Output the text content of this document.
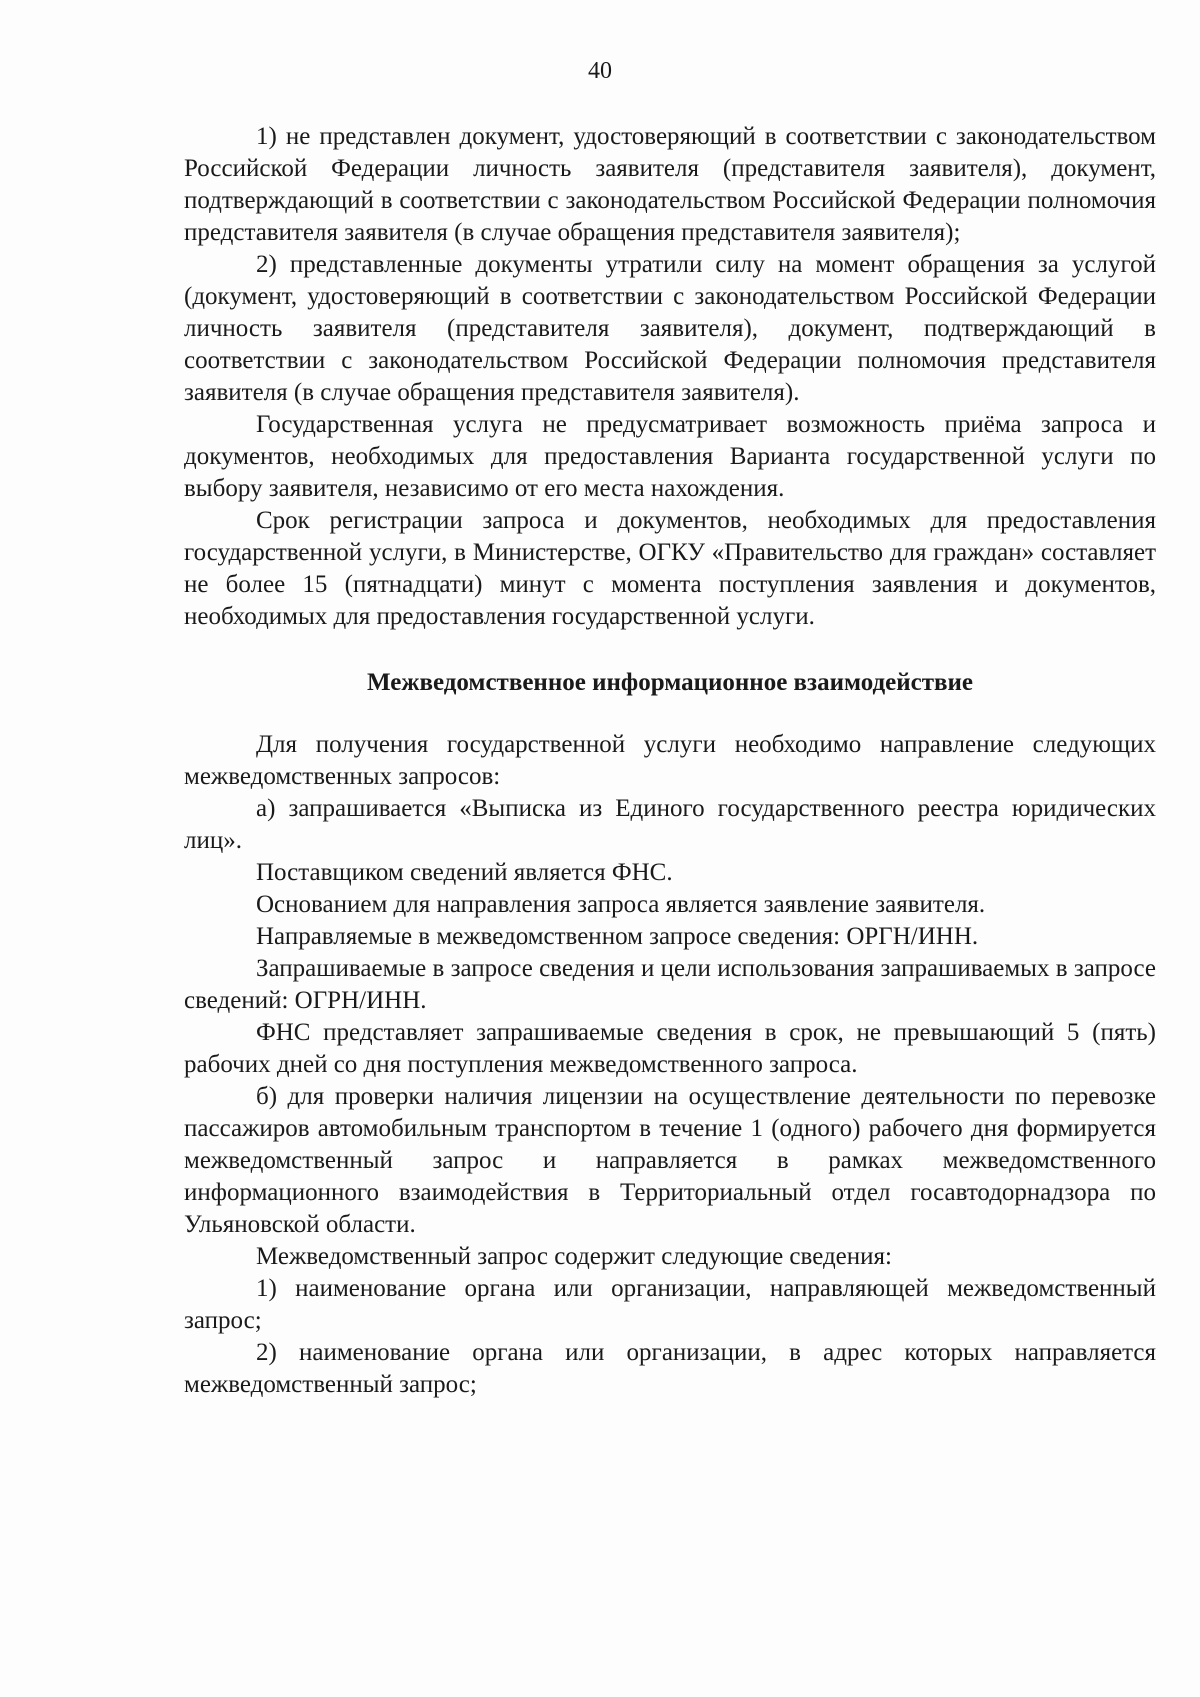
40

1) не представлен документ, удостоверяющий в соответствии с законодательством Российской Федерации личность заявителя (представителя заявителя), документ, подтверждающий в соответствии с законодательством Российской Федерации полномочия представителя заявителя (в случае обращения представителя заявителя);

2) представленные документы утратили силу на момент обращения за услугой (документ, удостоверяющий в соответствии с законодательством Российской Федерации личность заявителя (представителя заявителя), документ, подтверждающий в соответствии с законодательством Российской Федерации полномочия представителя заявителя (в случае обращения представителя заявителя).

Государственная услуга не предусматривает возможность приёма запроса и документов, необходимых для предоставления Варианта государственной услуги по выбору заявителя, независимо от его места нахождения.

Срок регистрации запроса и документов, необходимых для предоставления государственной услуги, в Министерстве, ОГКУ «Правительство для граждан» составляет не более 15 (пятнадцати) минут с момента поступления заявления и документов, необходимых для предоставления государственной услуги.

Межведомственное информационное взаимодействие

Для получения государственной услуги необходимо направление следующих межведомственных запросов:

а) запрашивается «Выписка из Единого государственного реестра юридических лиц».

Поставщиком сведений является ФНС.

Основанием для направления запроса является заявление заявителя.

Направляемые в межведомственном запросе сведения: ОРГН/ИНН.

Запрашиваемые в запросе сведения и цели использования запрашиваемых в запросе сведений: ОГРН/ИНН.

ФНС представляет запрашиваемые сведения в срок, не превышающий 5 (пять) рабочих дней со дня поступления межведомственного запроса.

б) для проверки наличия лицензии на осуществление деятельности по перевозке пассажиров автомобильным транспортом в течение 1 (одного) рабочего дня формируется межведомственный запрос и направляется в рамках межведомственного информационного взаимодействия в Территориальный отдел госавтодорнадзора по Ульяновской области.

Межведомственный запрос содержит следующие сведения:

1) наименование органа или организации, направляющей межведомственный запрос;

2) наименование органа или организации, в адрес которых направляется межведомственный запрос;
